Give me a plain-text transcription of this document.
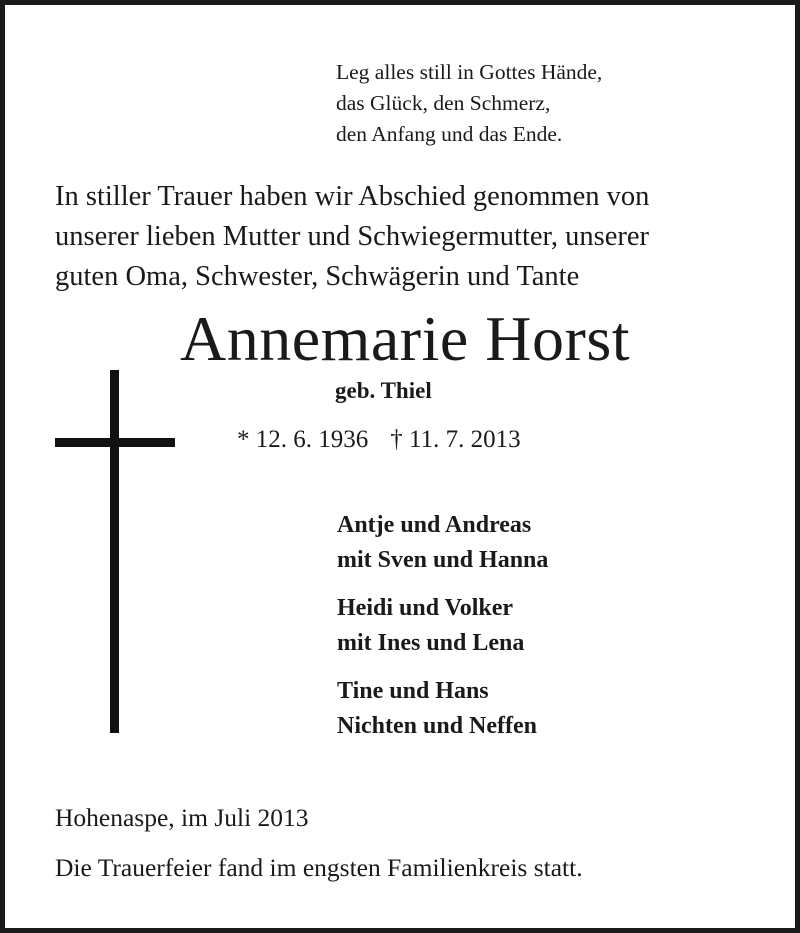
Leg alles still in Gottes Hände,
das Glück, den Schmerz,
den Anfang und das Ende.
In stiller Trauer haben wir Abschied genommen von
unserer lieben Mutter und Schwiegermutter, unserer
guten Oma, Schwester, Schwägerin und Tante
Annemarie Horst
geb. Thiel
* 12. 6. 1936 † 11. 7. 2013
Antje und Andreas
mit Sven und Hanna
Heidi und Volker
mit Ines und Lena
Tine und Hans
Nichten und Neffen
Hohenaspe, im Juli 2013
Die Trauerfeier fand im engsten Familienkreis statt.
